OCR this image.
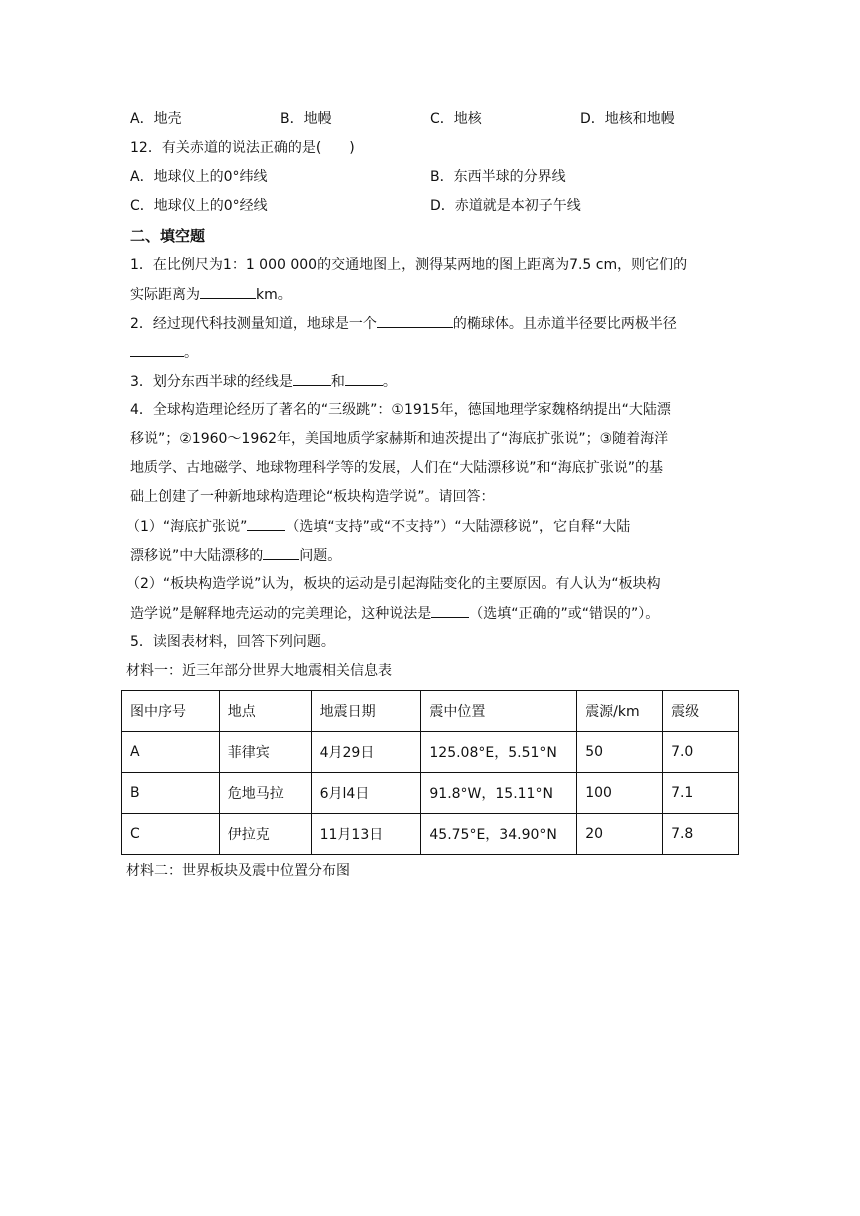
A．地壳	B．地幔	C．地核	D．地核和地幔
12．有关赤道的说法正确的是(　　)
A．地球仪上的0°纬线	B．东西半球的分界线
C．地球仪上的0°经线	D．赤道就是本初子午线
二、填空题
1．在比例尺为1：1 000 000的交通地图上，测得某两地的图上距离为7.5 cm，则它们的
实际距离为	km。
2．经过现代科技测量知道，地球是一个	的椭球体。且赤道半径要比两极半径
。
3．划分东西半球的经线是	和	。
4．全球构造理论经历了著名的“三级跳”：①1915年，德国地理学家魏格纳提出“大陆漂
移说”；②1960～1962年，美国地质学家赫斯和迪茨提出了“海底扩张说”；③随着海洋
地质学、古地磁学、地球物理科学等的发展，人们在“大陆漂移说”和“海底扩张说”的基
础上创建了一种新地球构造理论“板块构造学说”。请回答：
（1）“海底扩张说”	（选填“支持”或“不支持”）“大陆漂移说”，它自释“大陆
漂移说”中大陆漂移的	问题。
（2）“板块构造学说”认为，板块的运动是引起海陆变化的主要原因。有人认为“板块构
造学说”是解释地壳运动的完美理论，这种说法是	（选填“正确的”或“错误的”）。
5．读图表材料，回答下列问题。
材料一：近三年部分世界大地震相关信息表
图中序号	地点	地震日期	震中位置	震源/km	震级
A	菲律宾	4月29日	125.08°E，5.51°N	50	7.0
B	危地马拉	6月l4日	91.8°W，15.11°N	100	7.1
C	伊拉克	11月13日	45.75°E，34.90°N	20	7.8
材料二：世界板块及震中位置分布图
